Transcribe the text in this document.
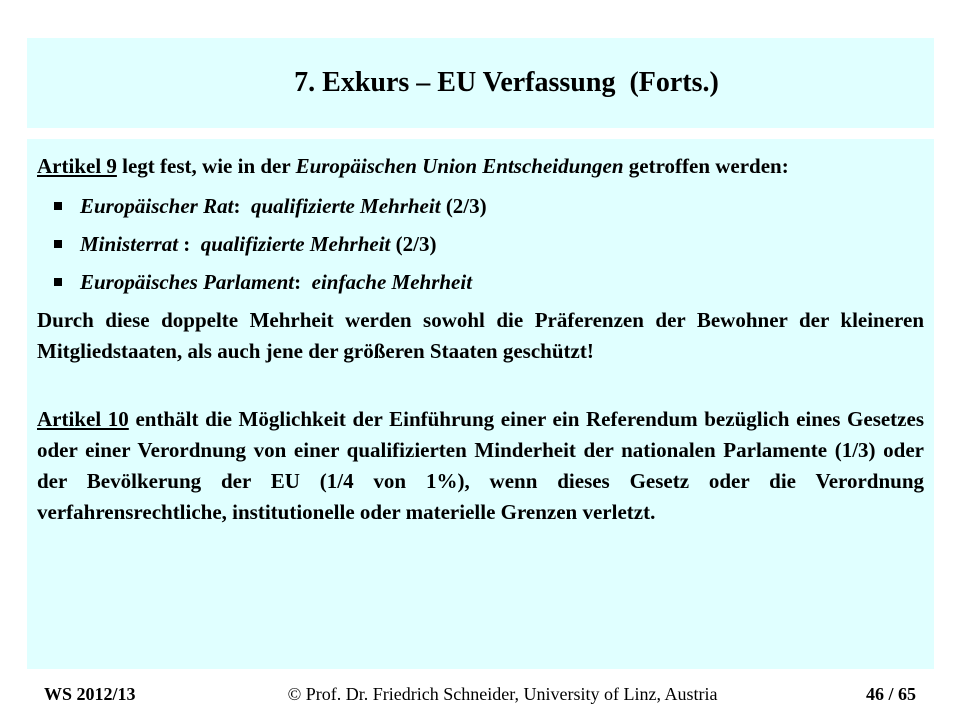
7. Exkurs – EU Verfassung  (Forts.)

Artikel 9 legt fest, wie in der Europäischen Union Entscheidungen getroffen werden:

Europäischer Rat:  qualifizierte Mehrheit (2/3)
Ministerrat :  qualifizierte Mehrheit (2/3)
Europäisches Parlament:  einfache Mehrheit

Durch diese doppelte Mehrheit werden sowohl die Präferenzen der Bewohner der kleineren Mitgliedstaaten, als auch jene der größeren Staaten geschützt!

Artikel 10 enthält die Möglichkeit der Einführung einer ein Referendum bezüglich eines Gesetzes oder einer Verordnung von einer qualifizierten Minderheit der nationalen Parlamente (1/3) oder der Bevölkerung der EU (1/4 von 1%), wenn dieses Gesetz oder die Verordnung verfahrensrechtliche, institutionelle oder materielle Grenzen verletzt.

WS 2012/13	© Prof. Dr. Friedrich Schneider, University of Linz, Austria	46 / 65
